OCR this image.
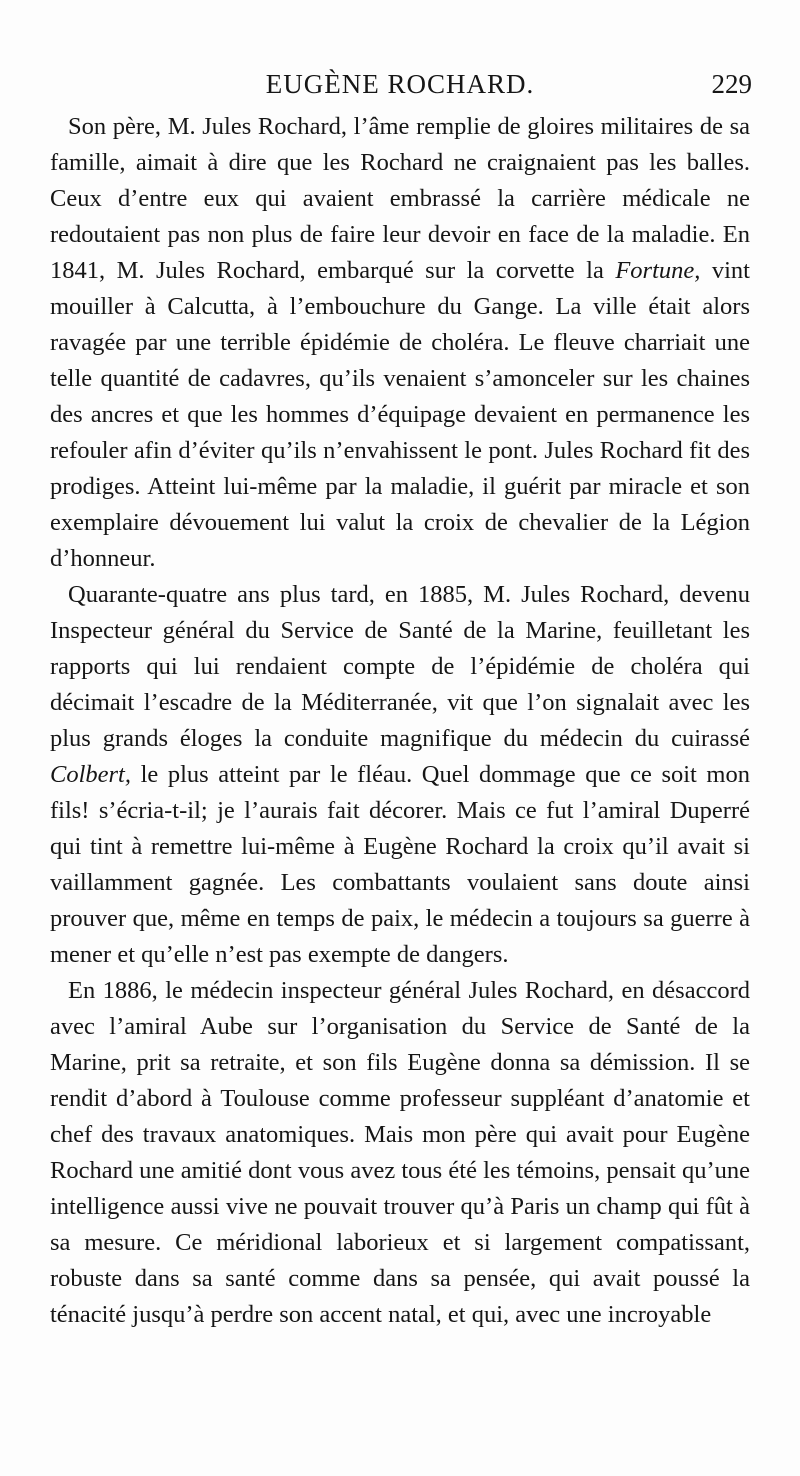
EUGÈNE ROCHARD.	229

Son père, M. Jules Rochard, l’âme remplie de gloires militaires de sa famille, aimait à dire que les Rochard ne craignaient pas les balles. Ceux d’entre eux qui avaient embrassé la carrière médicale ne redoutaient pas non plus de faire leur devoir en face de la maladie. En 1841, M. Jules Rochard, embarqué sur la corvette la Fortune, vint mouiller à Calcutta, à l’embouchure du Gange. La ville était alors ravagée par une terrible épidémie de choléra. Le fleuve charriait une telle quantité de cadavres, qu’ils venaient s’amonceler sur les chaines des ancres et que les hommes d’équipage devaient en permanence les refouler afin d’éviter qu’ils n’envahissent le pont. Jules Rochard fit des prodiges. Atteint lui-même par la maladie, il guérit par miracle et son exemplaire dévouement lui valut la croix de chevalier de la Légion d’honneur.

Quarante-quatre ans plus tard, en 1885, M. Jules Rochard, devenu Inspecteur général du Service de Santé de la Marine, feuilletant les rapports qui lui rendaient compte de l’épidémie de choléra qui décimait l’escadre de la Méditerranée, vit que l’on signalait avec les plus grands éloges la conduite magnifique du médecin du cuirassé Colbert, le plus atteint par le fléau. Quel dommage que ce soit mon fils! s’écria-t-il; je l’aurais fait décorer. Mais ce fut l’amiral Duperré qui tint à remettre lui-même à Eugène Rochard la croix qu’il avait si vaillamment gagnée. Les combattants voulaient sans doute ainsi prouver que, même en temps de paix, le médecin a toujours sa guerre à mener et qu’elle n’est pas exempte de dangers.

En 1886, le médecin inspecteur général Jules Rochard, en désaccord avec l’amiral Aube sur l’organisation du Service de Santé de la Marine, prit sa retraite, et son fils Eugène donna sa démission. Il se rendit d’abord à Toulouse comme professeur suppléant d’anatomie et chef des travaux anatomiques. Mais mon père qui avait pour Eugène Rochard une amitié dont vous avez tous été les témoins, pensait qu’une intelligence aussi vive ne pouvait trouver qu’à Paris un champ qui fût à sa mesure. Ce méridional laborieux et si largement compatissant, robuste dans sa santé comme dans sa pensée, qui avait poussé la ténacité jusqu’à perdre son accent natal, et qui, avec une incroyable
